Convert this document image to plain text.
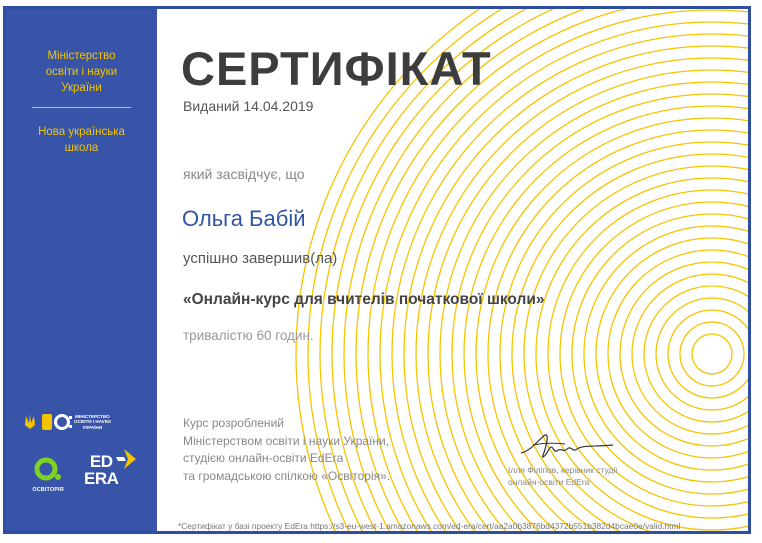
Міністерство
освіти і науки
України
Нова українська
школа
МІНІСТЕРСТВО
ОСВІТИ І НАУКИ
УКРАЇНИ
ОСВІТОРІЯ
ED
ERA
СЕРТИФІКАТ
Виданий 14.04.2019
який засвідчує, що
Ольга Бабій
успішно завершив(ла)
«Онлайн-курс для вчителів початкової школи»
тривалістю 60 годин.
Курс розроблений
Міністерством освіти і науки України,
студією онлайн-освіти EdEra
та громадською спілкою «Освіторія».	Ілля Філіпов, керівник студії
онлайн-освіти EdEra
*Сертифікат у базі проекту EdEra https://s3-eu-west-1.amazonaws.com/ed-era/cert/aa2a0b3876bd4372b551b382d4bcae0e/valid.html
